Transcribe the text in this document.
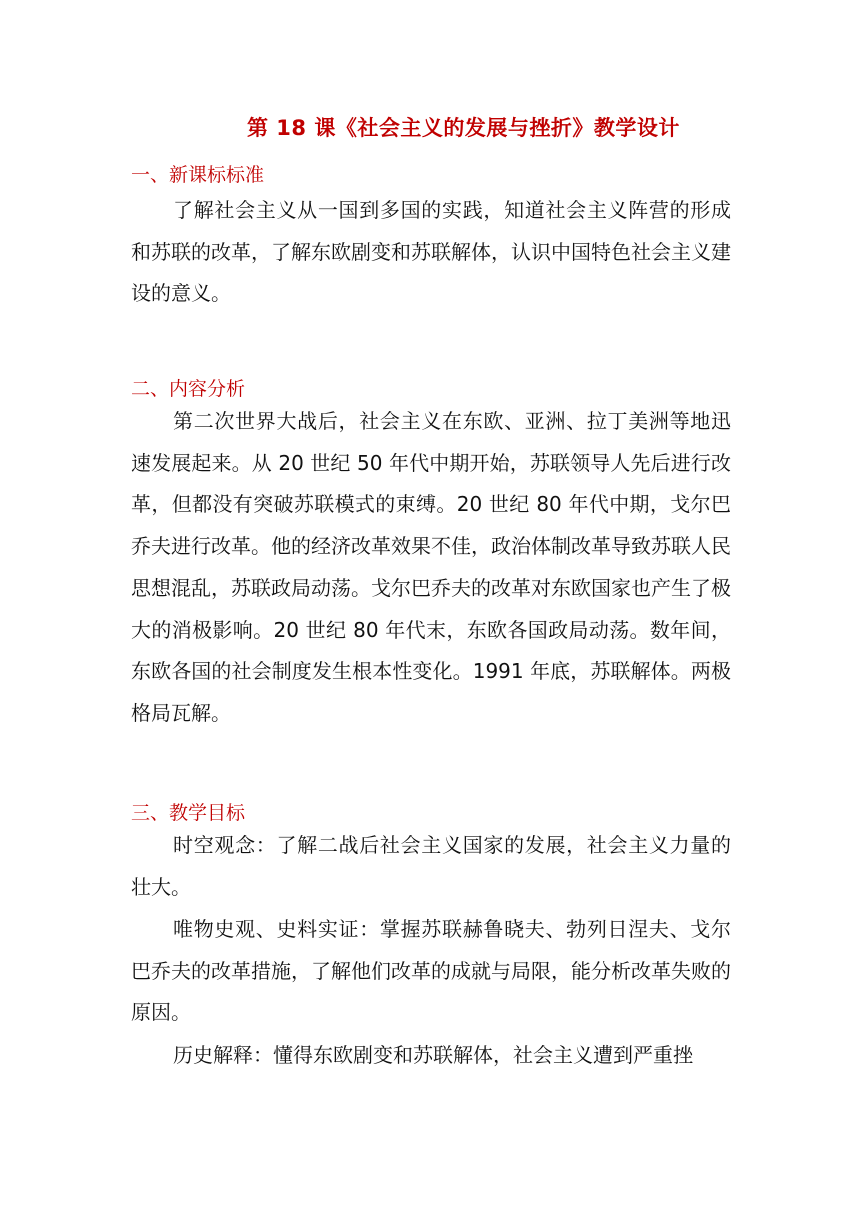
第 18 课《社会主义的发展与挫折》教学设计
一、新课标标准

了解社会主义从一国到多国的实践，知道社会主义阵营的形成和苏联的改革，了解东欧剧变和苏联解体，认识中国特色社会主义建设的意义。

二、内容分析

第二次世界大战后，社会主义在东欧、亚洲、拉丁美洲等地迅速发展起来。从 20 世纪 50 年代中期开始，苏联领导人先后进行改革，但都没有突破苏联模式的束缚。20 世纪 80 年代中期，戈尔巴乔夫进行改革。他的经济改革效果不佳，政治体制改革导致苏联人民思想混乱，苏联政局动荡。戈尔巴乔夫的改革对东欧国家也产生了极大的消极影响。20 世纪 80 年代末，东欧各国政局动荡。数年间，东欧各国的社会制度发生根本性变化。1991 年底，苏联解体。两极格局瓦解。

三、教学目标

时空观念：了解二战后社会主义国家的发展，社会主义力量的壮大。

唯物史观、史料实证：掌握苏联赫鲁晓夫、勃列日涅夫、戈尔巴乔夫的改革措施，了解他们改革的成就与局限，能分析改革失败的原因。

历史解释：懂得东欧剧变和苏联解体，社会主义遭到严重挫
